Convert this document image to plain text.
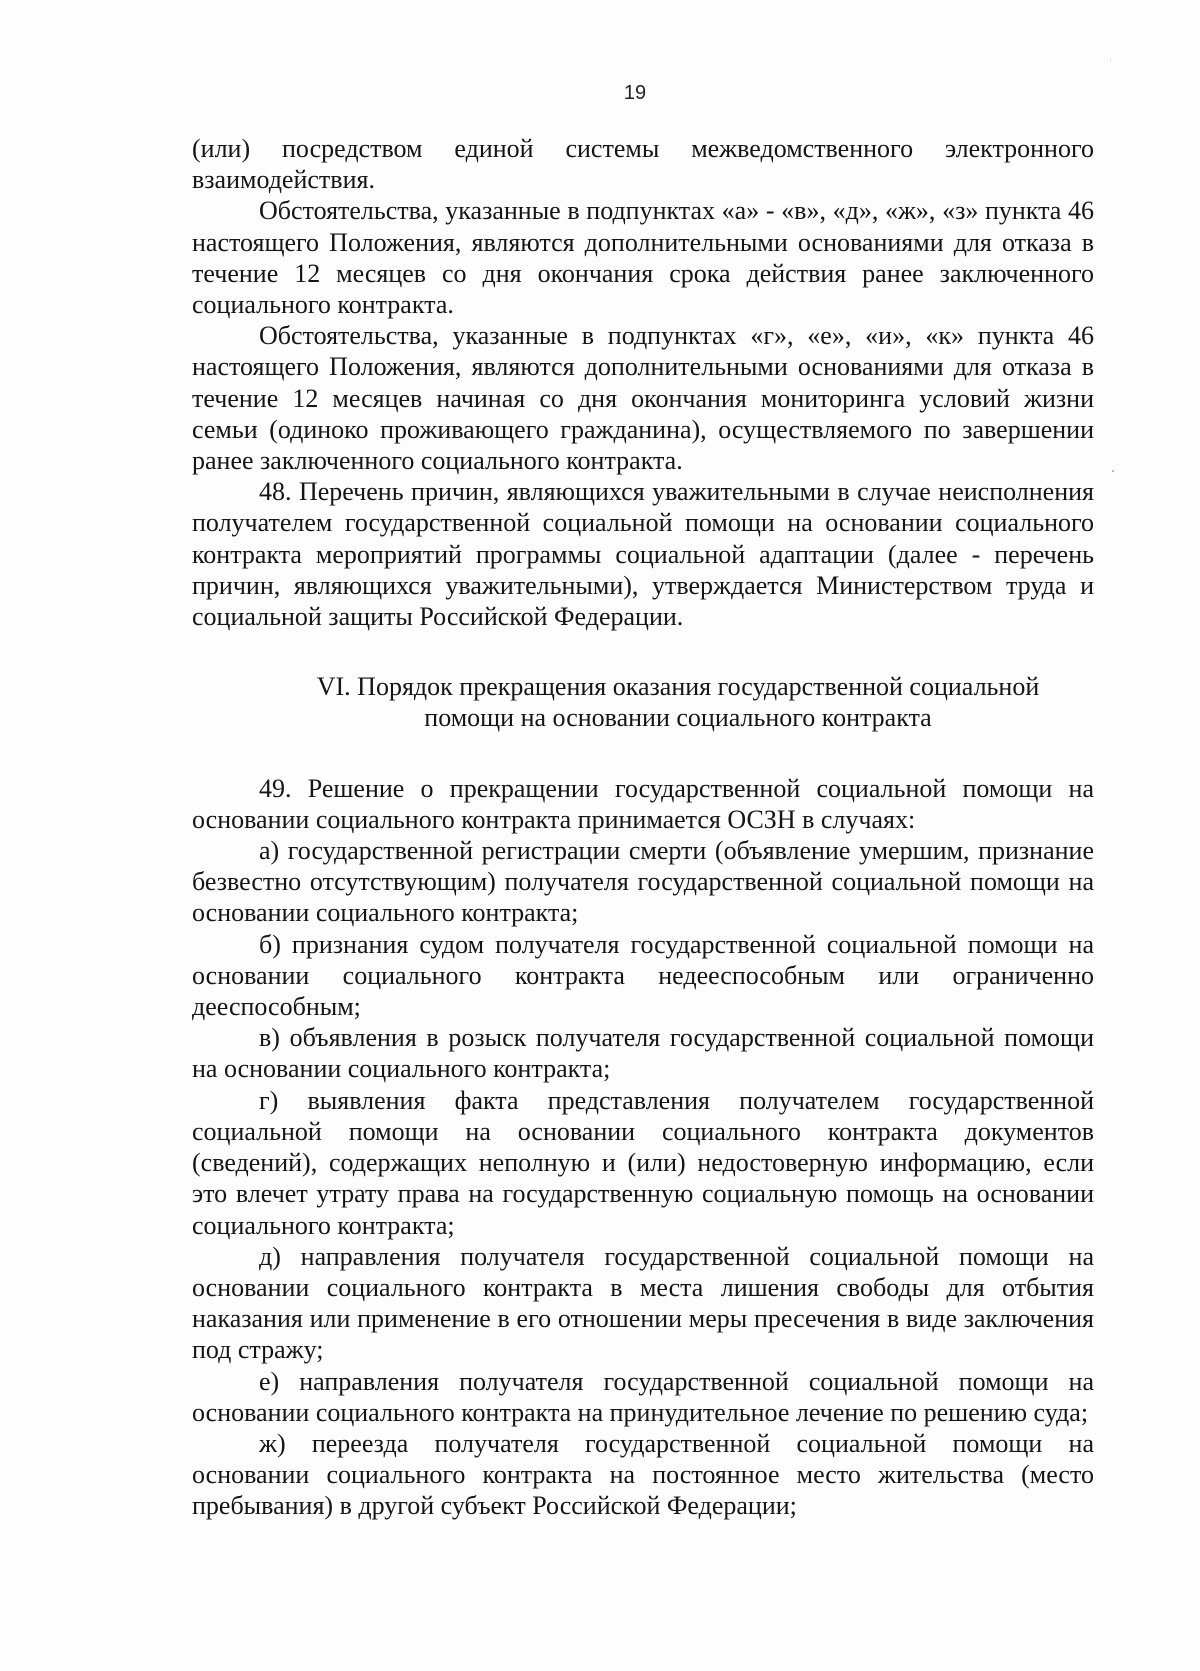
19

(или) посредством единой системы межведомственного электронного взаимодействия.

Обстоятельства, указанные в подпунктах «а» - «в», «д», «ж», «з» пункта 46 настоящего Положения, являются дополнительными основаниями для отказа в течение 12 месяцев со дня окончания срока действия ранее заключенного социального контракта.

Обстоятельства, указанные в подпунктах «г», «е», «и», «к» пункта 46 настоящего Положения, являются дополнительными основаниями для отказа в течение 12 месяцев начиная со дня окончания мониторинга условий жизни семьи (одиноко проживающего гражданина), осуществляемого по завершении ранее заключенного социального контракта.

48. Перечень причин, являющихся уважительными в случае неисполнения получателем государственной социальной помощи на основании социального контракта мероприятий программы социальной адаптации (далее - перечень причин, являющихся уважительными), утверждается Министерством труда и социальной защиты Российской Федерации.

VI. Порядок прекращения оказания государственной социальной
помощи на основании социального контракта

49. Решение о прекращении государственной социальной помощи на основании социального контракта принимается ОСЗН в случаях:

а) государственной регистрации смерти (объявление умершим, признание безвестно отсутствующим) получателя государственной социальной помощи на основании социального контракта;

б) признания судом получателя государственной социальной помощи на основании социального контракта недееспособным или ограниченно дееспособным;

в) объявления в розыск получателя государственной социальной помощи на основании социального контракта;

г) выявления факта представления получателем государственной социальной помощи на основании социального контракта документов (сведений), содержащих неполную и (или) недостоверную информацию, если это влечет утрату права на государственную социальную помощь на основании социального контракта;

д) направления получателя государственной социальной помощи на основании социального контракта в места лишения свободы для отбытия наказания или применение в его отношении меры пресечения в виде заключения под стражу;

е) направления получателя государственной социальной помощи на основании социального контракта на принудительное лечение по решению суда;

ж) переезда получателя государственной социальной помощи на основании социального контракта на постоянное место жительства (место пребывания) в другой субъект Российской Федерации;
